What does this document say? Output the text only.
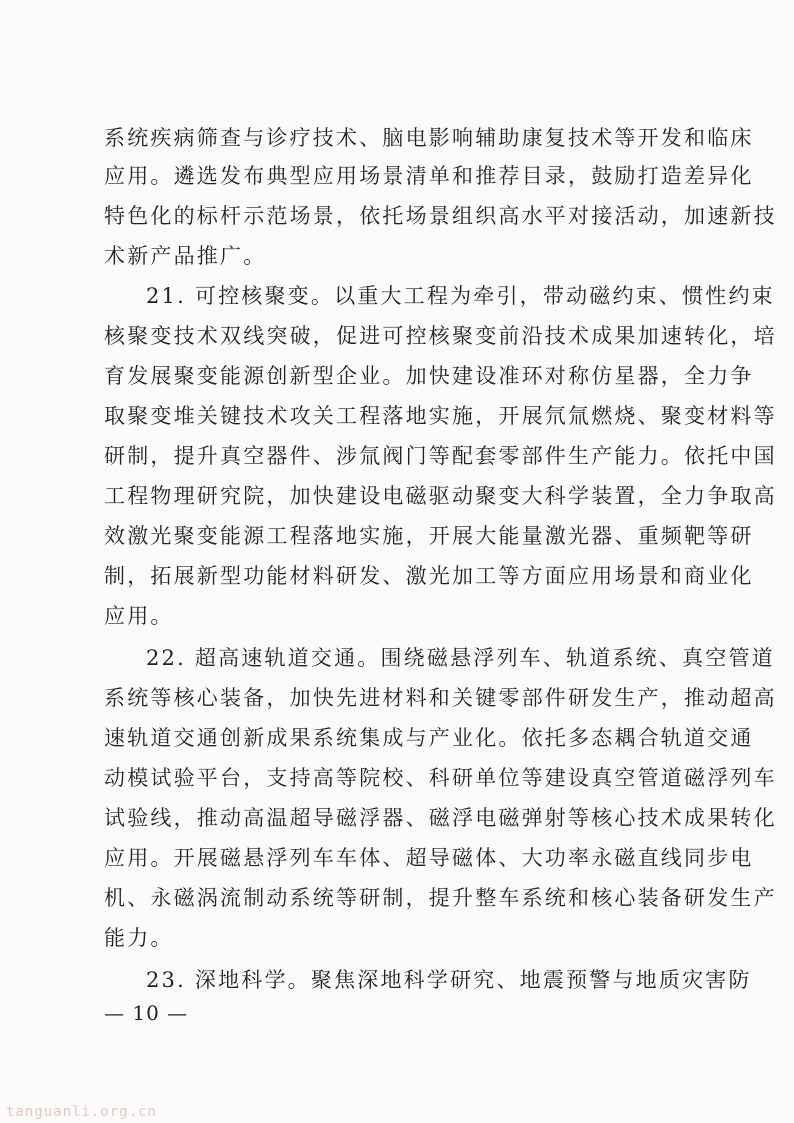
系统疾病筛查与诊疗技术、脑电影响辅助康复技术等开发和临床
应用。遴选发布典型应用场景清单和推荐目录，鼓励打造差异化
特色化的标杆示范场景，依托场景组织高水平对接活动，加速新技
术新产品推广。
21. 可控核聚变。以重大工程为牵引，带动磁约束、惯性约束
核聚变技术双线突破，促进可控核聚变前沿技术成果加速转化，培
育发展聚变能源创新型企业。加快建设准环对称仿星器，全力争
取聚变堆关键技术攻关工程落地实施，开展氘氚燃烧、聚变材料等
研制，提升真空器件、涉氚阀门等配套零部件生产能力。依托中国
工程物理研究院，加快建设电磁驱动聚变大科学装置，全力争取高
效激光聚变能源工程落地实施，开展大能量激光器、重频靶等研
制，拓展新型功能材料研发、激光加工等方面应用场景和商业化
应用。
22. 超高速轨道交通。围绕磁悬浮列车、轨道系统、真空管道
系统等核心装备，加快先进材料和关键零部件研发生产，推动超高
速轨道交通创新成果系统集成与产业化。依托多态耦合轨道交通
动模试验平台，支持高等院校、科研单位等建设真空管道磁浮列车
试验线，推动高温超导磁浮器、磁浮电磁弹射等核心技术成果转化
应用。开展磁悬浮列车车体、超导磁体、大功率永磁直线同步电
机、永磁涡流制动系统等研制，提升整车系统和核心装备研发生产
能力。
23. 深地科学。聚焦深地科学研究、地震预警与地质灾害防
— 10 —
tanguanli.org.cn
